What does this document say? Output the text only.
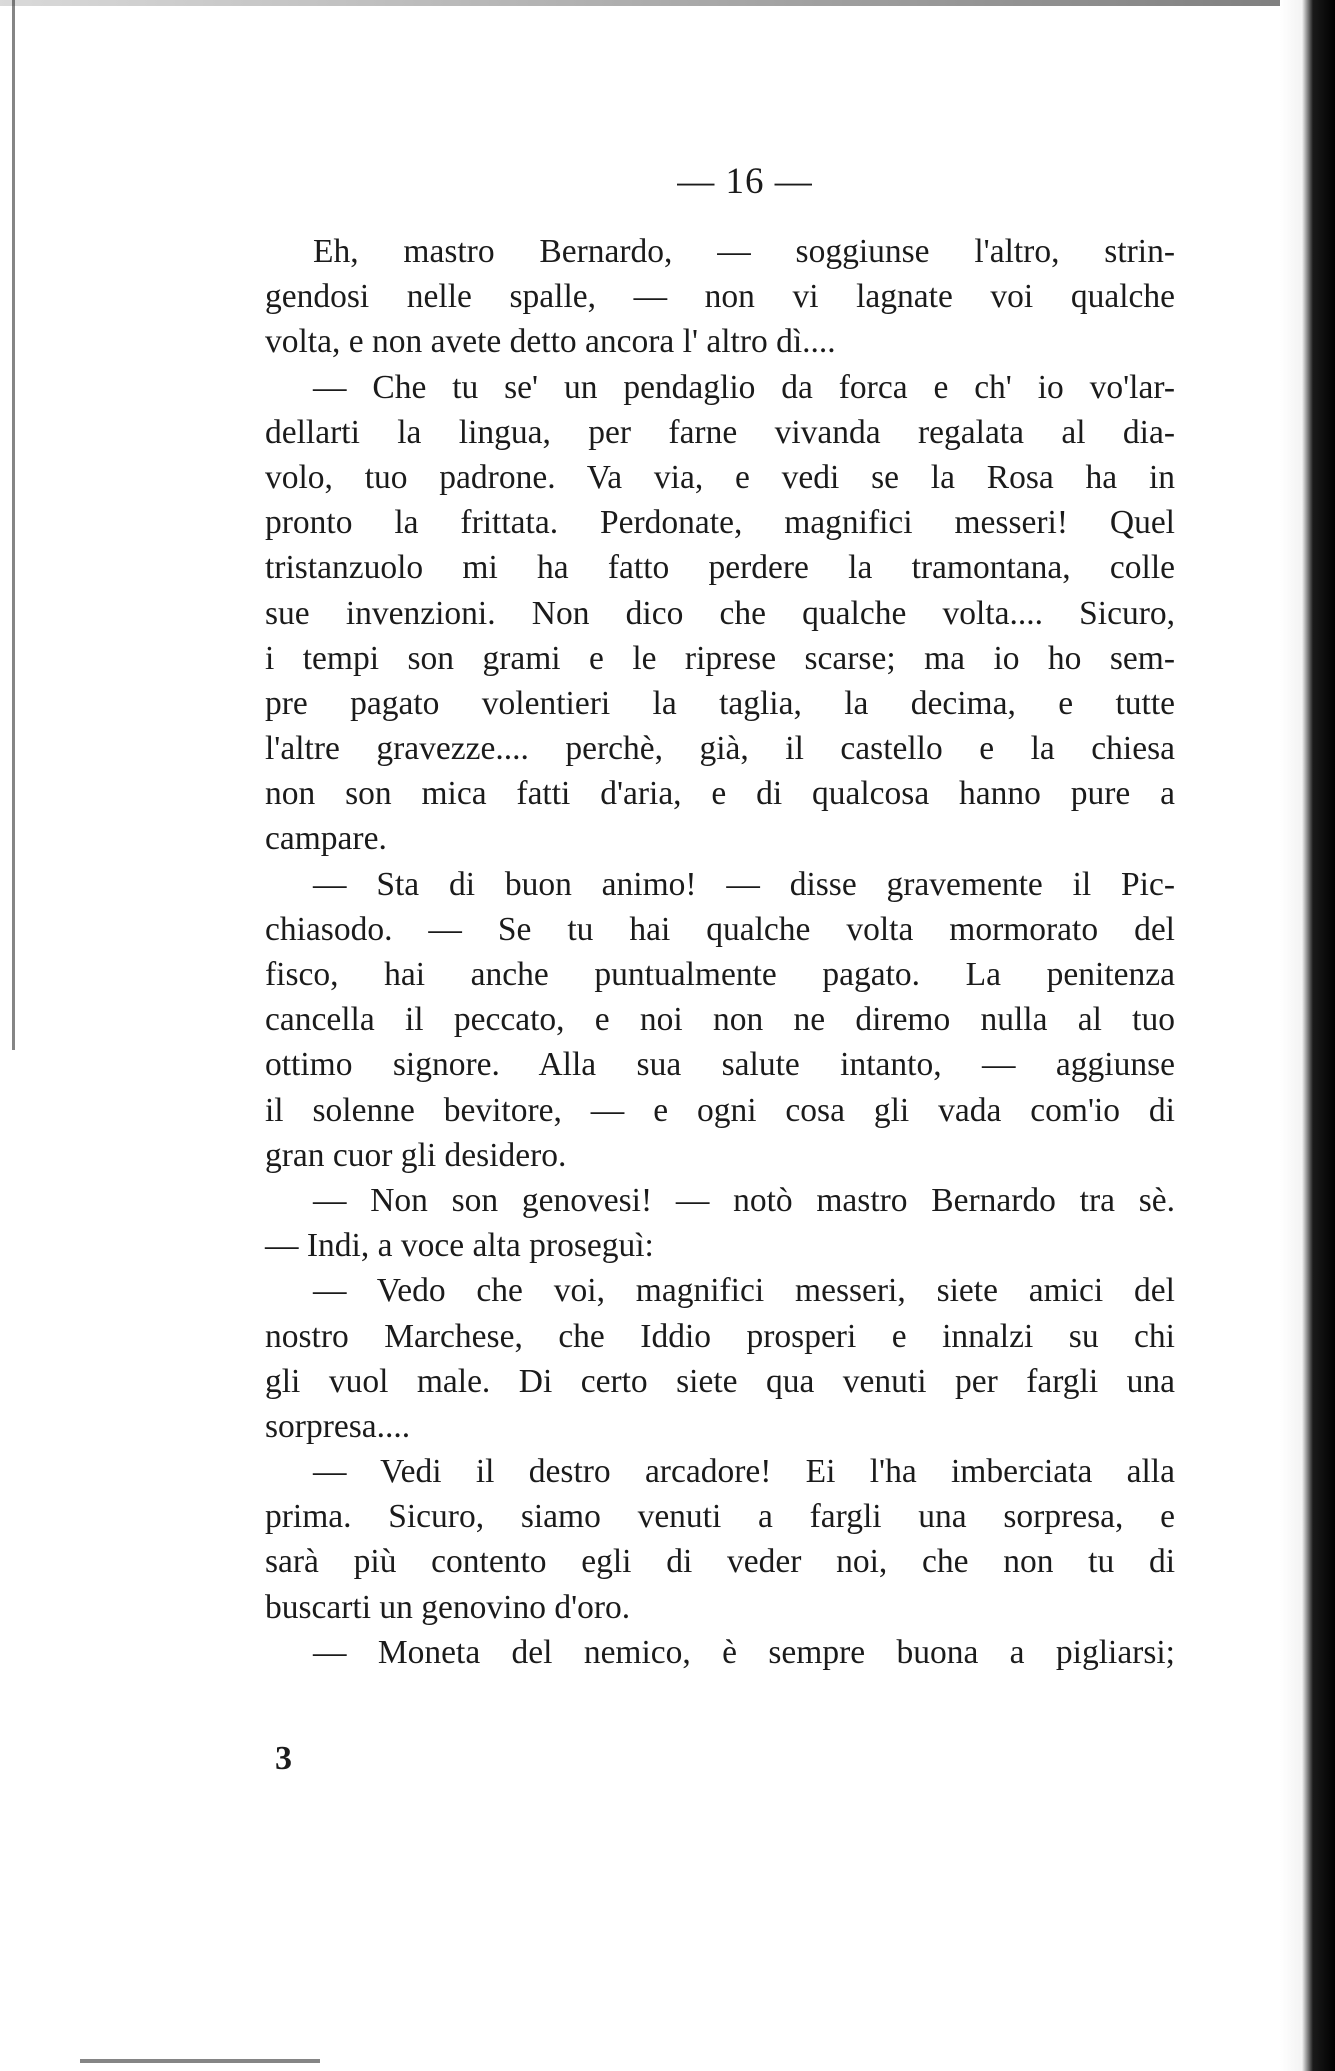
— 16 —
Eh, mastro Bernardo, — soggiunse l'altro, strin-
gendosi nelle spalle, — non vi lagnate voi qualche
volta, e non avete detto ancora l' altro dì....
— Che tu se' un pendaglio da forca e ch' io vo'lar-
dellarti la lingua, per farne vivanda regalata al dia-
volo, tuo padrone. Va via, e vedi se la Rosa ha in
pronto la frittata. Perdonate, magnifici messeri! Quel
tristanzuolo mi ha fatto perdere la tramontana, colle
sue invenzioni. Non dico che qualche volta.... Sicuro,
i tempi son grami e le riprese scarse; ma io ho sem-
pre pagato volentieri la taglia, la decima, e tutte
l'altre gravezze.... perchè, già, il castello e la chiesa
non son mica fatti d'aria, e di qualcosa hanno pure a
campare.
— Sta di buon animo! — disse gravemente il Pic-
chiasodo. — Se tu hai qualche volta mormorato del
fisco, hai anche puntualmente pagato. La penitenza
cancella il peccato, e noi non ne diremo nulla al tuo
ottimo signore. Alla sua salute intanto, — aggiunse
il solenne bevitore, — e ogni cosa gli vada com'io di
gran cuor gli desidero.
— Non son genovesi! — notò mastro Bernardo tra sè.
— Indi, a voce alta proseguì:
— Vedo che voi, magnifici messeri, siete amici del
nostro Marchese, che Iddio prosperi e innalzi su chi
gli vuol male. Di certo siete qua venuti per fargli una
sorpresa....
— Vedi il destro arcadore! Ei l'ha imberciata alla
prima. Sicuro, siamo venuti a fargli una sorpresa, e
sarà più contento egli di veder noi, che non tu di
buscarti un genovino d'oro.
— Moneta del nemico, è sempre buona a pigliarsi;
3
